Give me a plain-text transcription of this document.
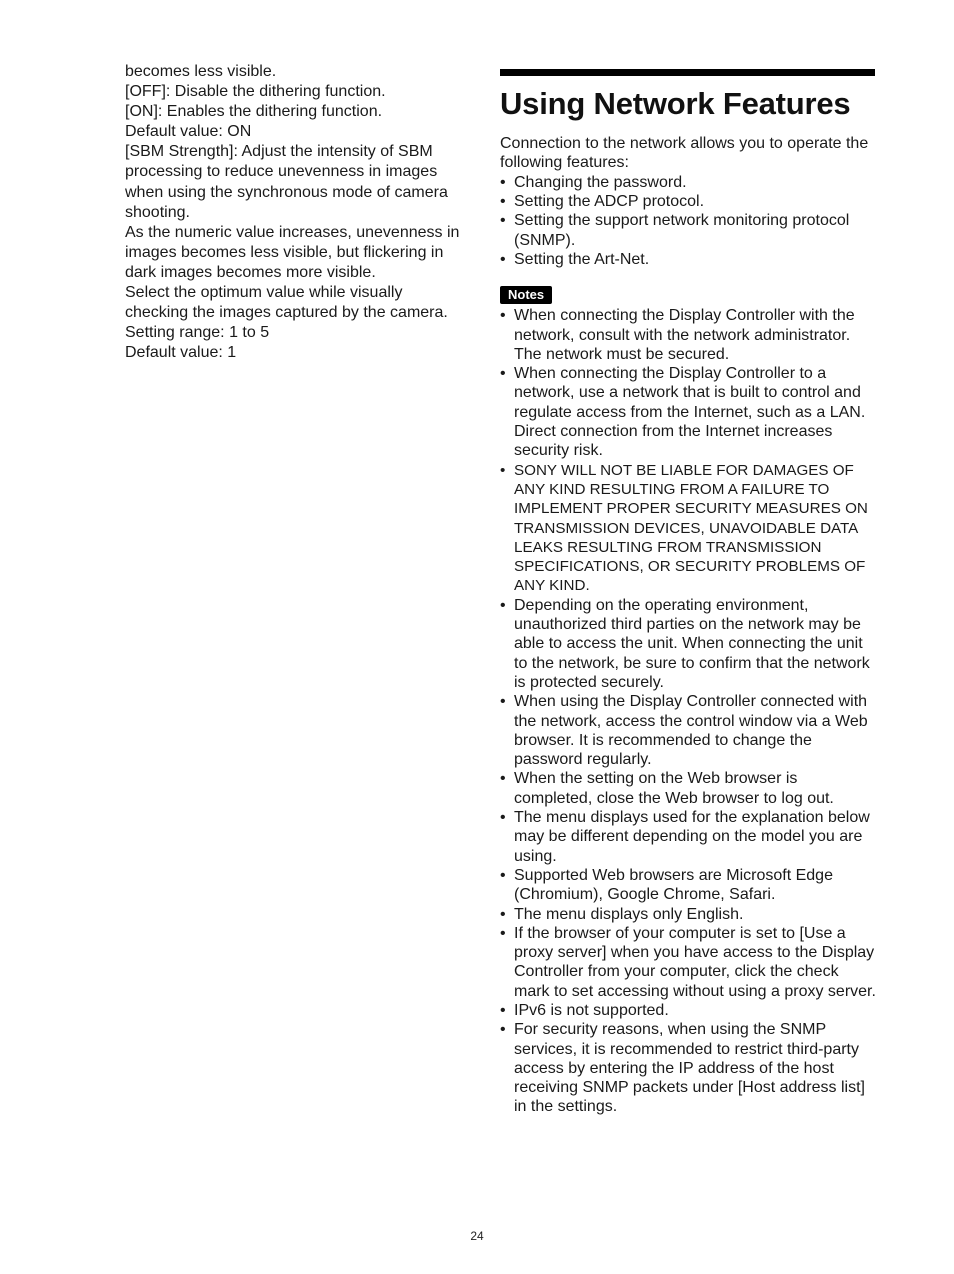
becomes less visible.
[OFF]: Disable the dithering function.
[ON]: Enables the dithering function.
Default value: ON
[SBM Strength]: Adjust the intensity of SBM processing to reduce unevenness in images when using the synchronous mode of camera shooting.
As the numeric value increases, unevenness in images becomes less visible, but flickering in dark images becomes more visible.
Select the optimum value while visually checking the images captured by the camera.
Setting range: 1 to 5
Default value: 1
Using Network Features
Connection to the network allows you to operate the following features:
• Changing the password.
• Setting the ADCP protocol.
• Setting the support network monitoring protocol (SNMP).
• Setting the Art-Net.
Notes
• When connecting the Display Controller with the network, consult with the network administrator. The network must be secured.
• When connecting the Display Controller to a network, use a network that is built to control and regulate access from the Internet, such as a LAN. Direct connection from the Internet increases security risk.
• SONY WILL NOT BE LIABLE FOR DAMAGES OF ANY KIND RESULTING FROM A FAILURE TO IMPLEMENT PROPER SECURITY MEASURES ON TRANSMISSION DEVICES, UNAVOIDABLE DATA LEAKS RESULTING FROM TRANSMISSION SPECIFICATIONS, OR SECURITY PROBLEMS OF ANY KIND.
• Depending on the operating environment, unauthorized third parties on the network may be able to access the unit. When connecting the unit to the network, be sure to confirm that the network is protected securely.
• When using the Display Controller connected with the network, access the control window via a Web browser. It is recommended to change the password regularly.
• When the setting on the Web browser is completed, close the Web browser to log out.
• The menu displays used for the explanation below may be different depending on the model you are using.
• Supported Web browsers are Microsoft Edge (Chromium), Google Chrome, Safari.
• The menu displays only English.
• If the browser of your computer is set to [Use a proxy server] when you have access to the Display Controller from your computer, click the check mark to set accessing without using a proxy server.
• IPv6 is not supported.
• For security reasons, when using the SNMP services, it is recommended to restrict third-party access by entering the IP address of the host receiving SNMP packets under [Host address list] in the settings.
24
